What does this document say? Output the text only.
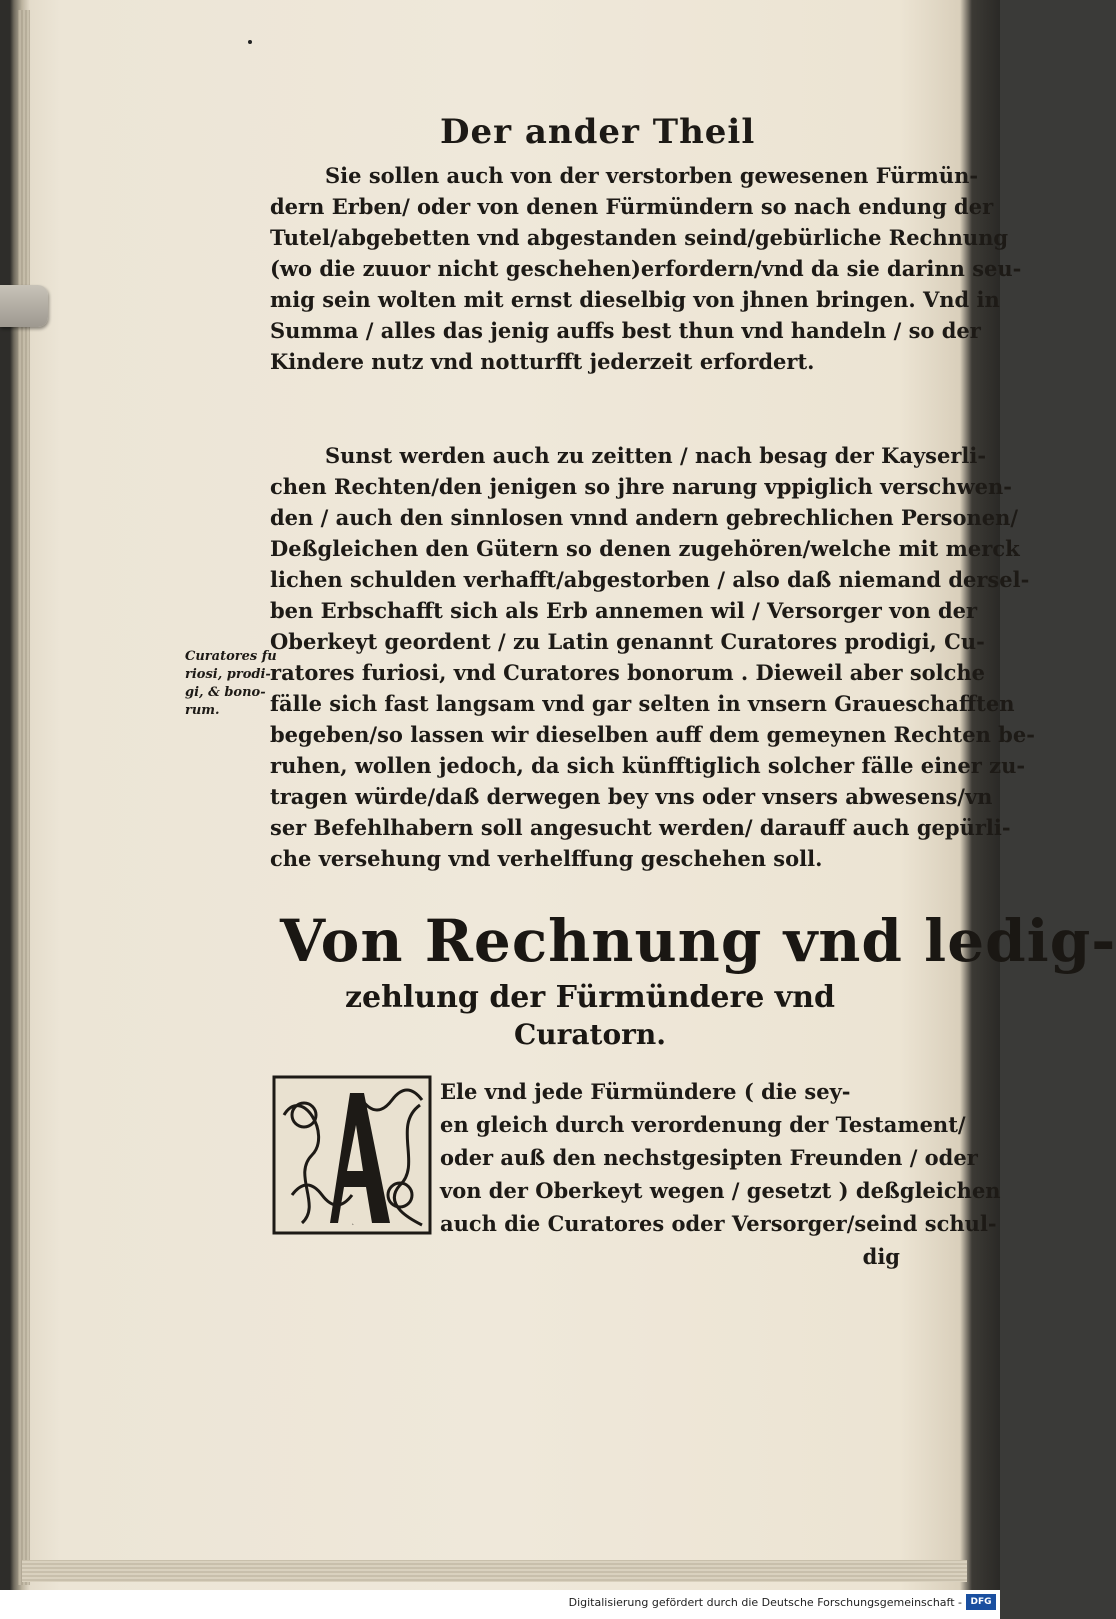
Der ander Theil
Sie sollen auch von der verstorben gewesenen Fürmün-
dern Erben/ oder von denen Fürmündern so nach endung der
Tutel/abgebetten vnd abgestanden seind/gebürliche Rechnung
(wo die zuuor nicht geschehen)erfordern/vnd da sie darinn seu-
mig sein wolten mit ernst dieselbig von jhnen bringen. Vnd in
Summa / alles das jenig auffs best thun vnd handeln / so der
Kindere nutz vnd notturfft jederzeit erfordert.
Sunst werden auch zu zeitten / nach besag der Kayserli-
chen Rechten/den jenigen so jhre narung vppiglich verschwen-
den / auch den sinnlosen vnnd andern gebrechlichen Personen/
Deßgleichen den Gütern so denen zugehören/welche mit merck
lichen schulden verhafft/abgestorben / also daß niemand dersel-
ben Erbschafft sich als Erb annemen wil / Versorger von der
Oberkeyt geordent / zu Latin genannt Curatores prodigi, Cu-
ratores furiosi, vnd Curatores bonorum . Dieweil aber solche
fälle sich fast langsam vnd gar selten in vnsern Graueschafften
begeben/so lassen wir dieselben auff dem gemeynen Rechten be-
ruhen, wollen jedoch, da sich künfftiglich solcher fälle einer zu-
tragen würde/daß derwegen bey vns oder vnsers abwesens/vn
ser Befehlhabern soll angesucht werden/ darauff auch gepürli-
che versehung vnd verhelffung geschehen soll.
Curatores fu
riosi, prodi-
gi, & bono-
rum.
Von Rechnung vnd ledig-
zehlung der Fürmündere vnd
Curatorn.
A
Ele vnd jede Fürmündere ( die sey-
en gleich durch verordenung der Testament/
oder auß den nechstgesipten Freunden / oder
von der Oberkeyt wegen / gesetzt ) deßgleichen
auch die Curatores oder Versorger/seind schul-
dig
Digitalisierung gefördert durch die Deutsche Forschungsgemeinschaft - DFG
